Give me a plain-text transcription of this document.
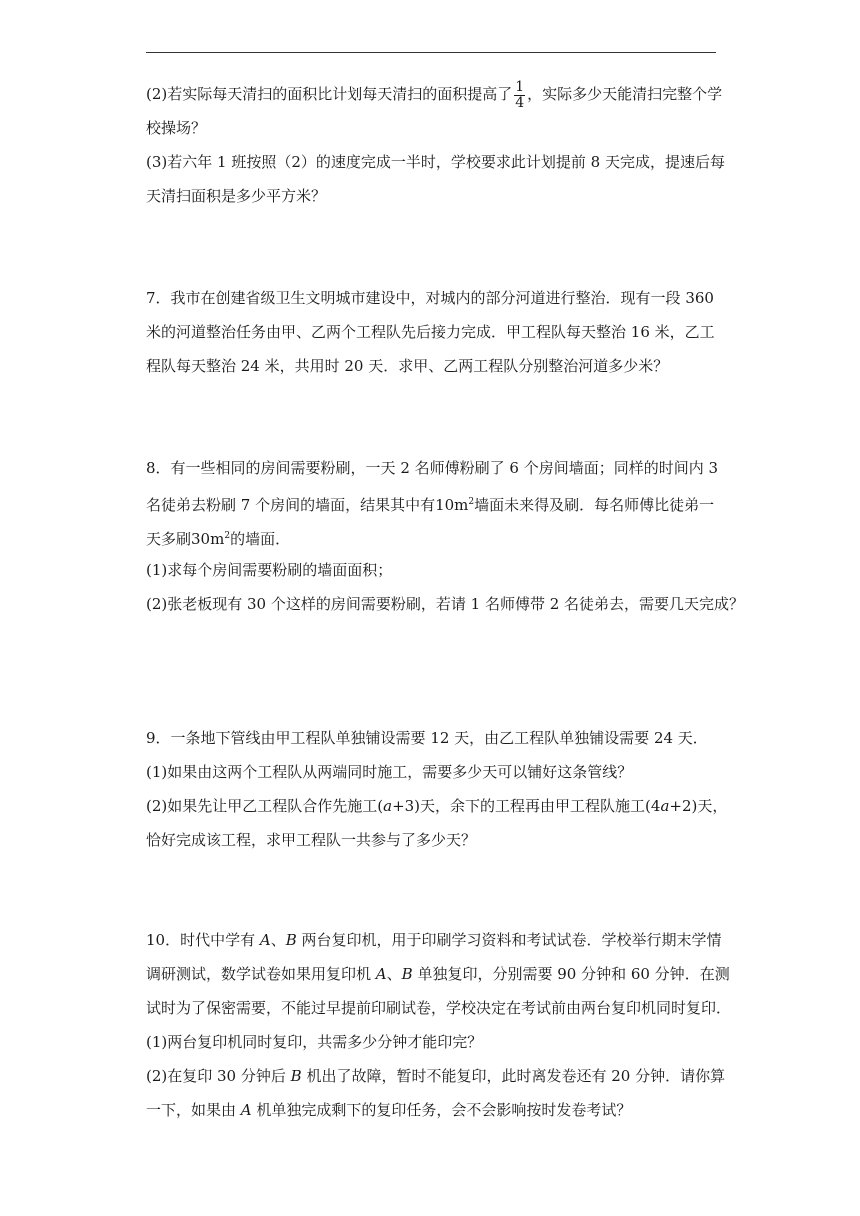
(2)若实际每天清扫的面积比计划每天清扫的面积提高了 $\frac{1}{4}$ ，实际多少天能清扫完整个学
校操场？
(3)若六年 1 班按照（2）的速度完成一半时，学校要求此计划提前 8 天完成，提速后每
天清扫面积是多少平方米？
7．我市在创建省级卫生文明城市建设中，对城内的部分河道进行整治．现有一段 360
米的河道整治任务由甲、乙两个工程队先后接力完成．甲工程队每天整治 16 米，乙工
程队每天整治 24 米，共用时 20 天．求甲、乙两工程队分别整治河道多少米？
8．有一些相同的房间需要粉刷，一天 2 名师傅粉刷了 6 个房间墙面；同样的时间内 3
名徒弟去粉刷 7 个房间的墙面，结果其中有$10m^2$墙面未来得及刷．每名师傅比徒弟一
天多刷$30m^2$的墙面．
(1)求每个房间需要粉刷的墙面面积；
(2)张老板现有 30 个这样的房间需要粉刷，若请 1 名师傅带 2 名徒弟去，需要几天完成？
9．一条地下管线由甲工程队单独铺设需要 12 天，由乙工程队单独铺设需要 24 天．
(1)如果由这两个工程队从两端同时施工，需要多少天可以铺好这条管线？
(2)如果先让甲乙工程队合作先施工(a+3)天，余下的工程再由甲工程队施工(4a+2)天，
恰好完成该工程，求甲工程队一共参与了多少天？
10．时代中学有 A、B 两台复印机，用于印刷学习资料和考试试卷．学校举行期末学情
调研测试，数学试卷如果用复印机 A、B 单独复印，分别需要 90 分钟和 60 分钟．在测
试时为了保密需要，不能过早提前印刷试卷，学校决定在考试前由两台复印机同时复印．
(1)两台复印机同时复印，共需多少分钟才能印完？
(2)在复印 30 分钟后 B 机出了故障，暂时不能复印，此时离发卷还有 20 分钟．请你算
一下，如果由 A 机单独完成剩下的复印任务，会不会影响按时发卷考试？
